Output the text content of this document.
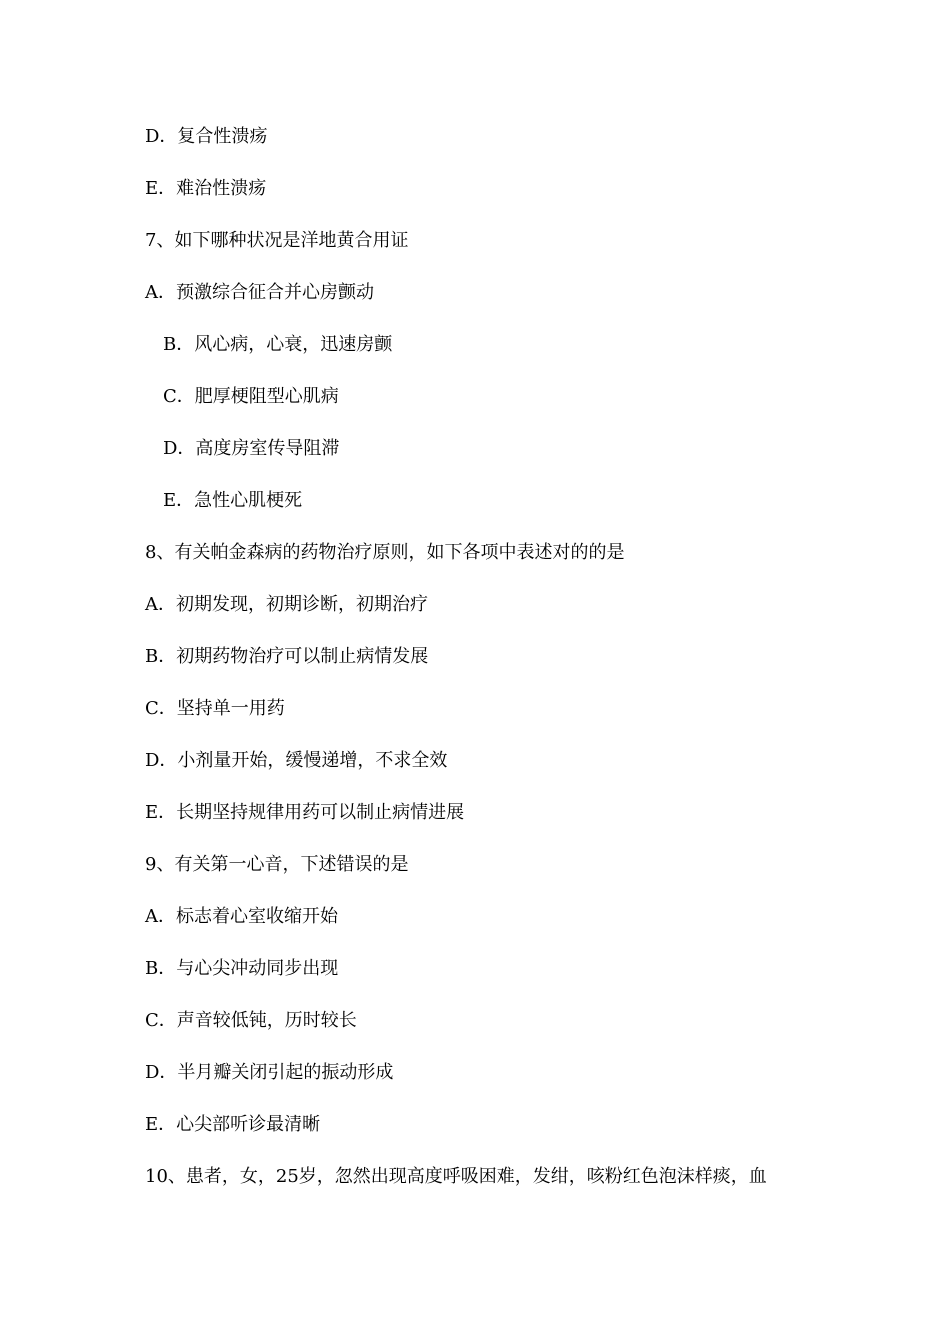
D．复合性溃疡
E．难治性溃疡
7、如下哪种状况是洋地黄合用证
A．预激综合征合并心房颤动
B．风心病，心衰，迅速房颤
C．肥厚梗阻型心肌病
D．高度房室传导阻滞
E．急性心肌梗死
8、有关帕金森病的药物治疗原则，如下各项中表述对的的是
A．初期发现，初期诊断，初期治疗
B．初期药物治疗可以制止病情发展
C．坚持单一用药
D．小剂量开始，缓慢递增，不求全效
E．长期坚持规律用药可以制止病情进展
9、有关第一心音，下述错误的是
A．标志着心室收缩开始
B．与心尖冲动同步出现
C．声音较低钝，历时较长
D．半月瓣关闭引起的振动形成
E．心尖部听诊最清晰
10、患者，女，25岁，忽然出现高度呼吸困难，发绀，咳粉红色泡沫样痰，血
